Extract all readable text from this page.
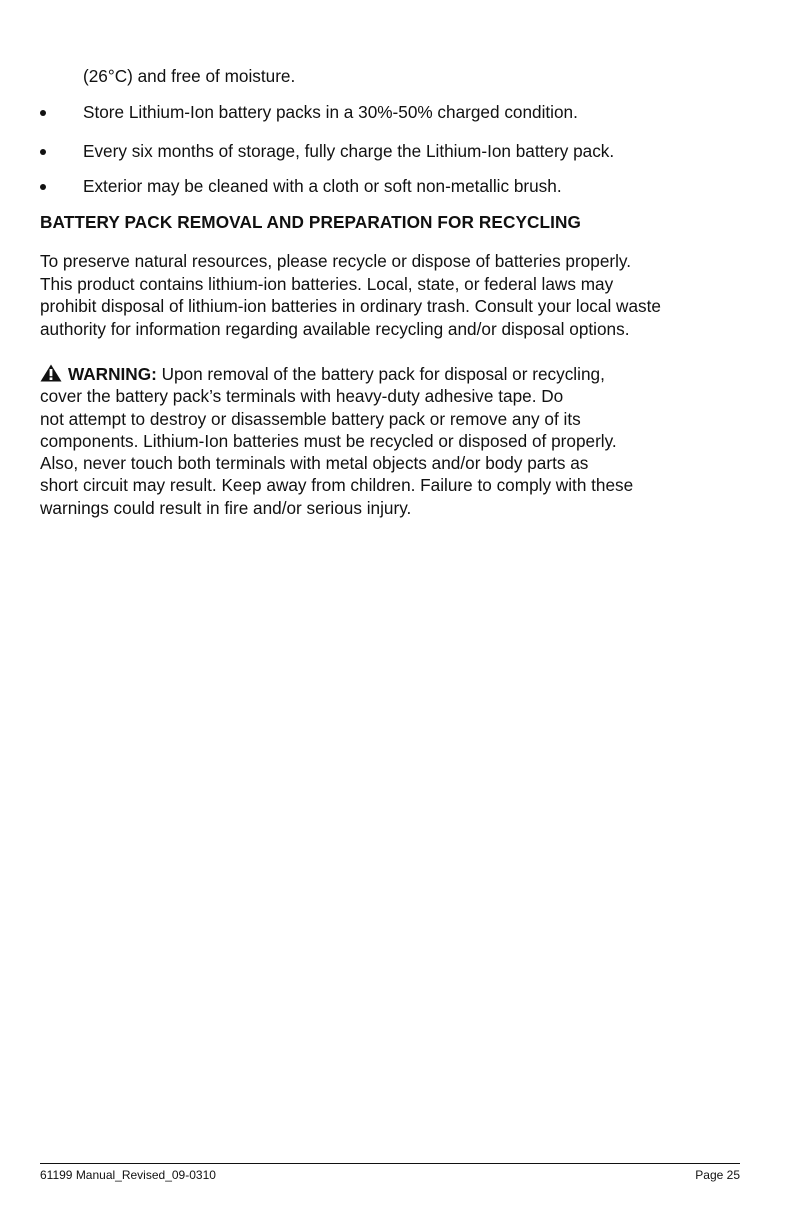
(26°C) and free of moisture.
Store Lithium-Ion battery packs in a 30%-50% charged condition.
Every six months of storage, fully charge the Lithium-Ion battery pack.
Exterior may be cleaned with a cloth or soft non-metallic brush.
BATTERY PACK REMOVAL AND PREPARATION FOR RECYCLING
To preserve natural resources, please recycle or dispose of batteries properly.
This product contains lithium-ion batteries. Local, state, or federal laws may
prohibit disposal of lithium-ion batteries in ordinary trash. Consult your local waste
authority for information regarding available recycling and/or disposal options.
WARNING: Upon removal of the battery pack for disposal or recycling,
cover the battery pack’s terminals with heavy-duty adhesive tape. Do
not attempt to destroy or disassemble battery pack or remove any of its
components. Lithium-Ion batteries must be recycled or disposed of properly.
Also, never touch both terminals with metal objects and/or body parts as
short circuit may result. Keep away from children. Failure to comply with these
warnings could result in fire and/or serious injury.
61199 Manual_Revised_09-0310	Page 25
